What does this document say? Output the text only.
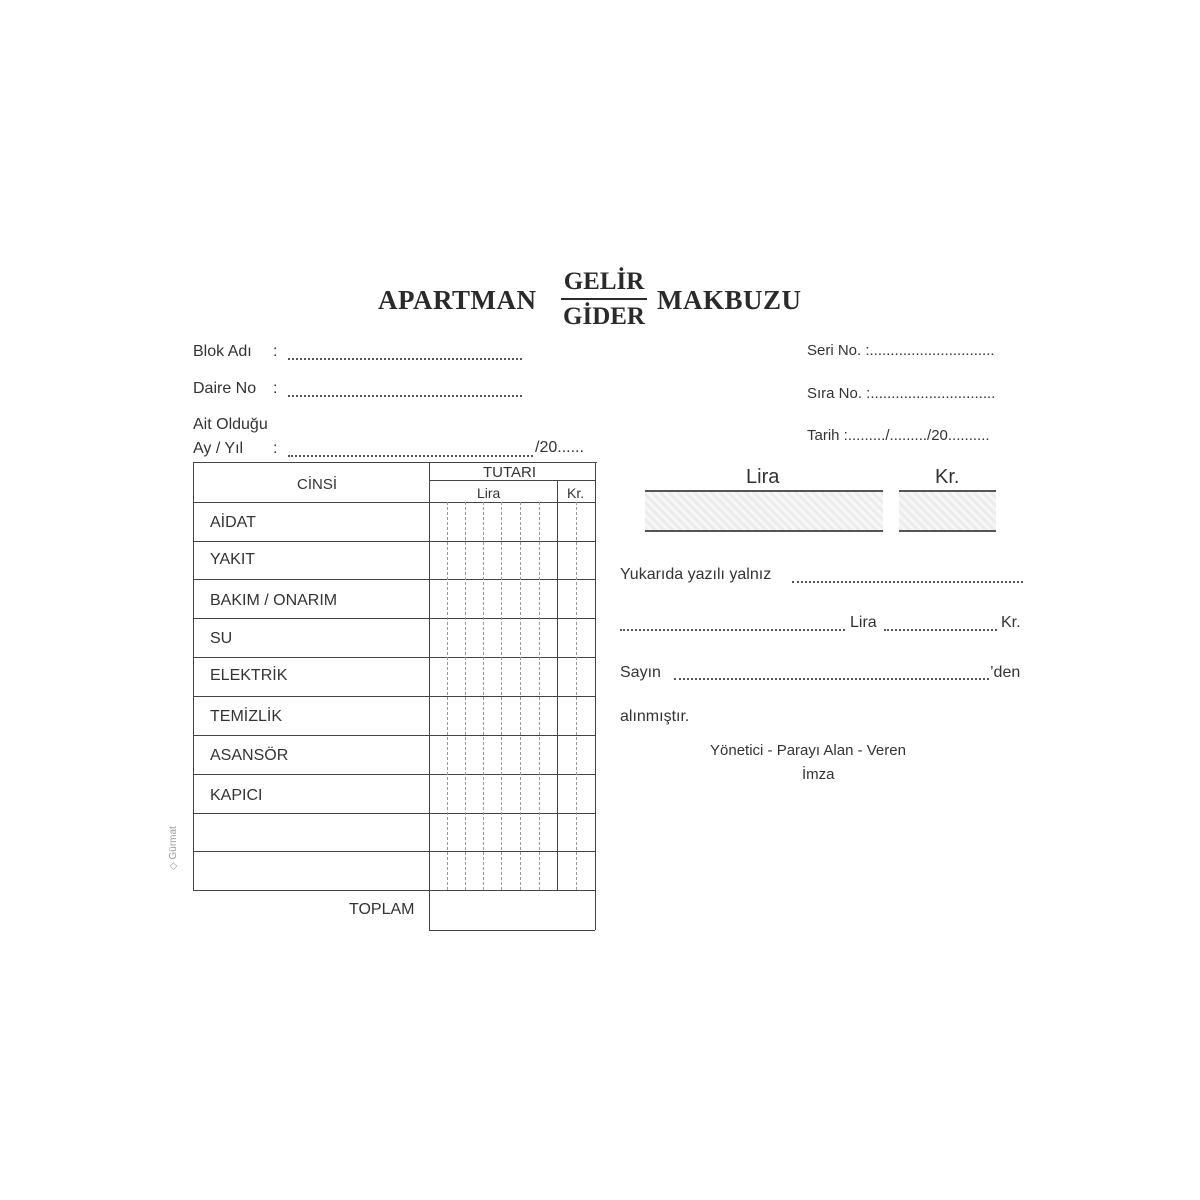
APARTMAN
GELİR
GİDER
MAKBUZU
Blok Adı :
Daire No :
Ait Olduğu
Ay / Yıl :	/20......
Seri No. :..............................
Sıra No. :..............................
Tarih :........./........./20..........
CİNSİ
TUTARI
Lira	Kr.
AİDAT
YAKIT
BAKIM / ONARIM
SU
ELEKTRİK
TEMİZLİK
ASANSÖR
KAPICI
TOPLAM
Lira	Kr.
Yukarıda yazılı yalnız
Lira	Kr.
Sayın	’den
alınmıştır.
Yönetici - Parayı Alan - Veren
İmza
◇ Gürmat
